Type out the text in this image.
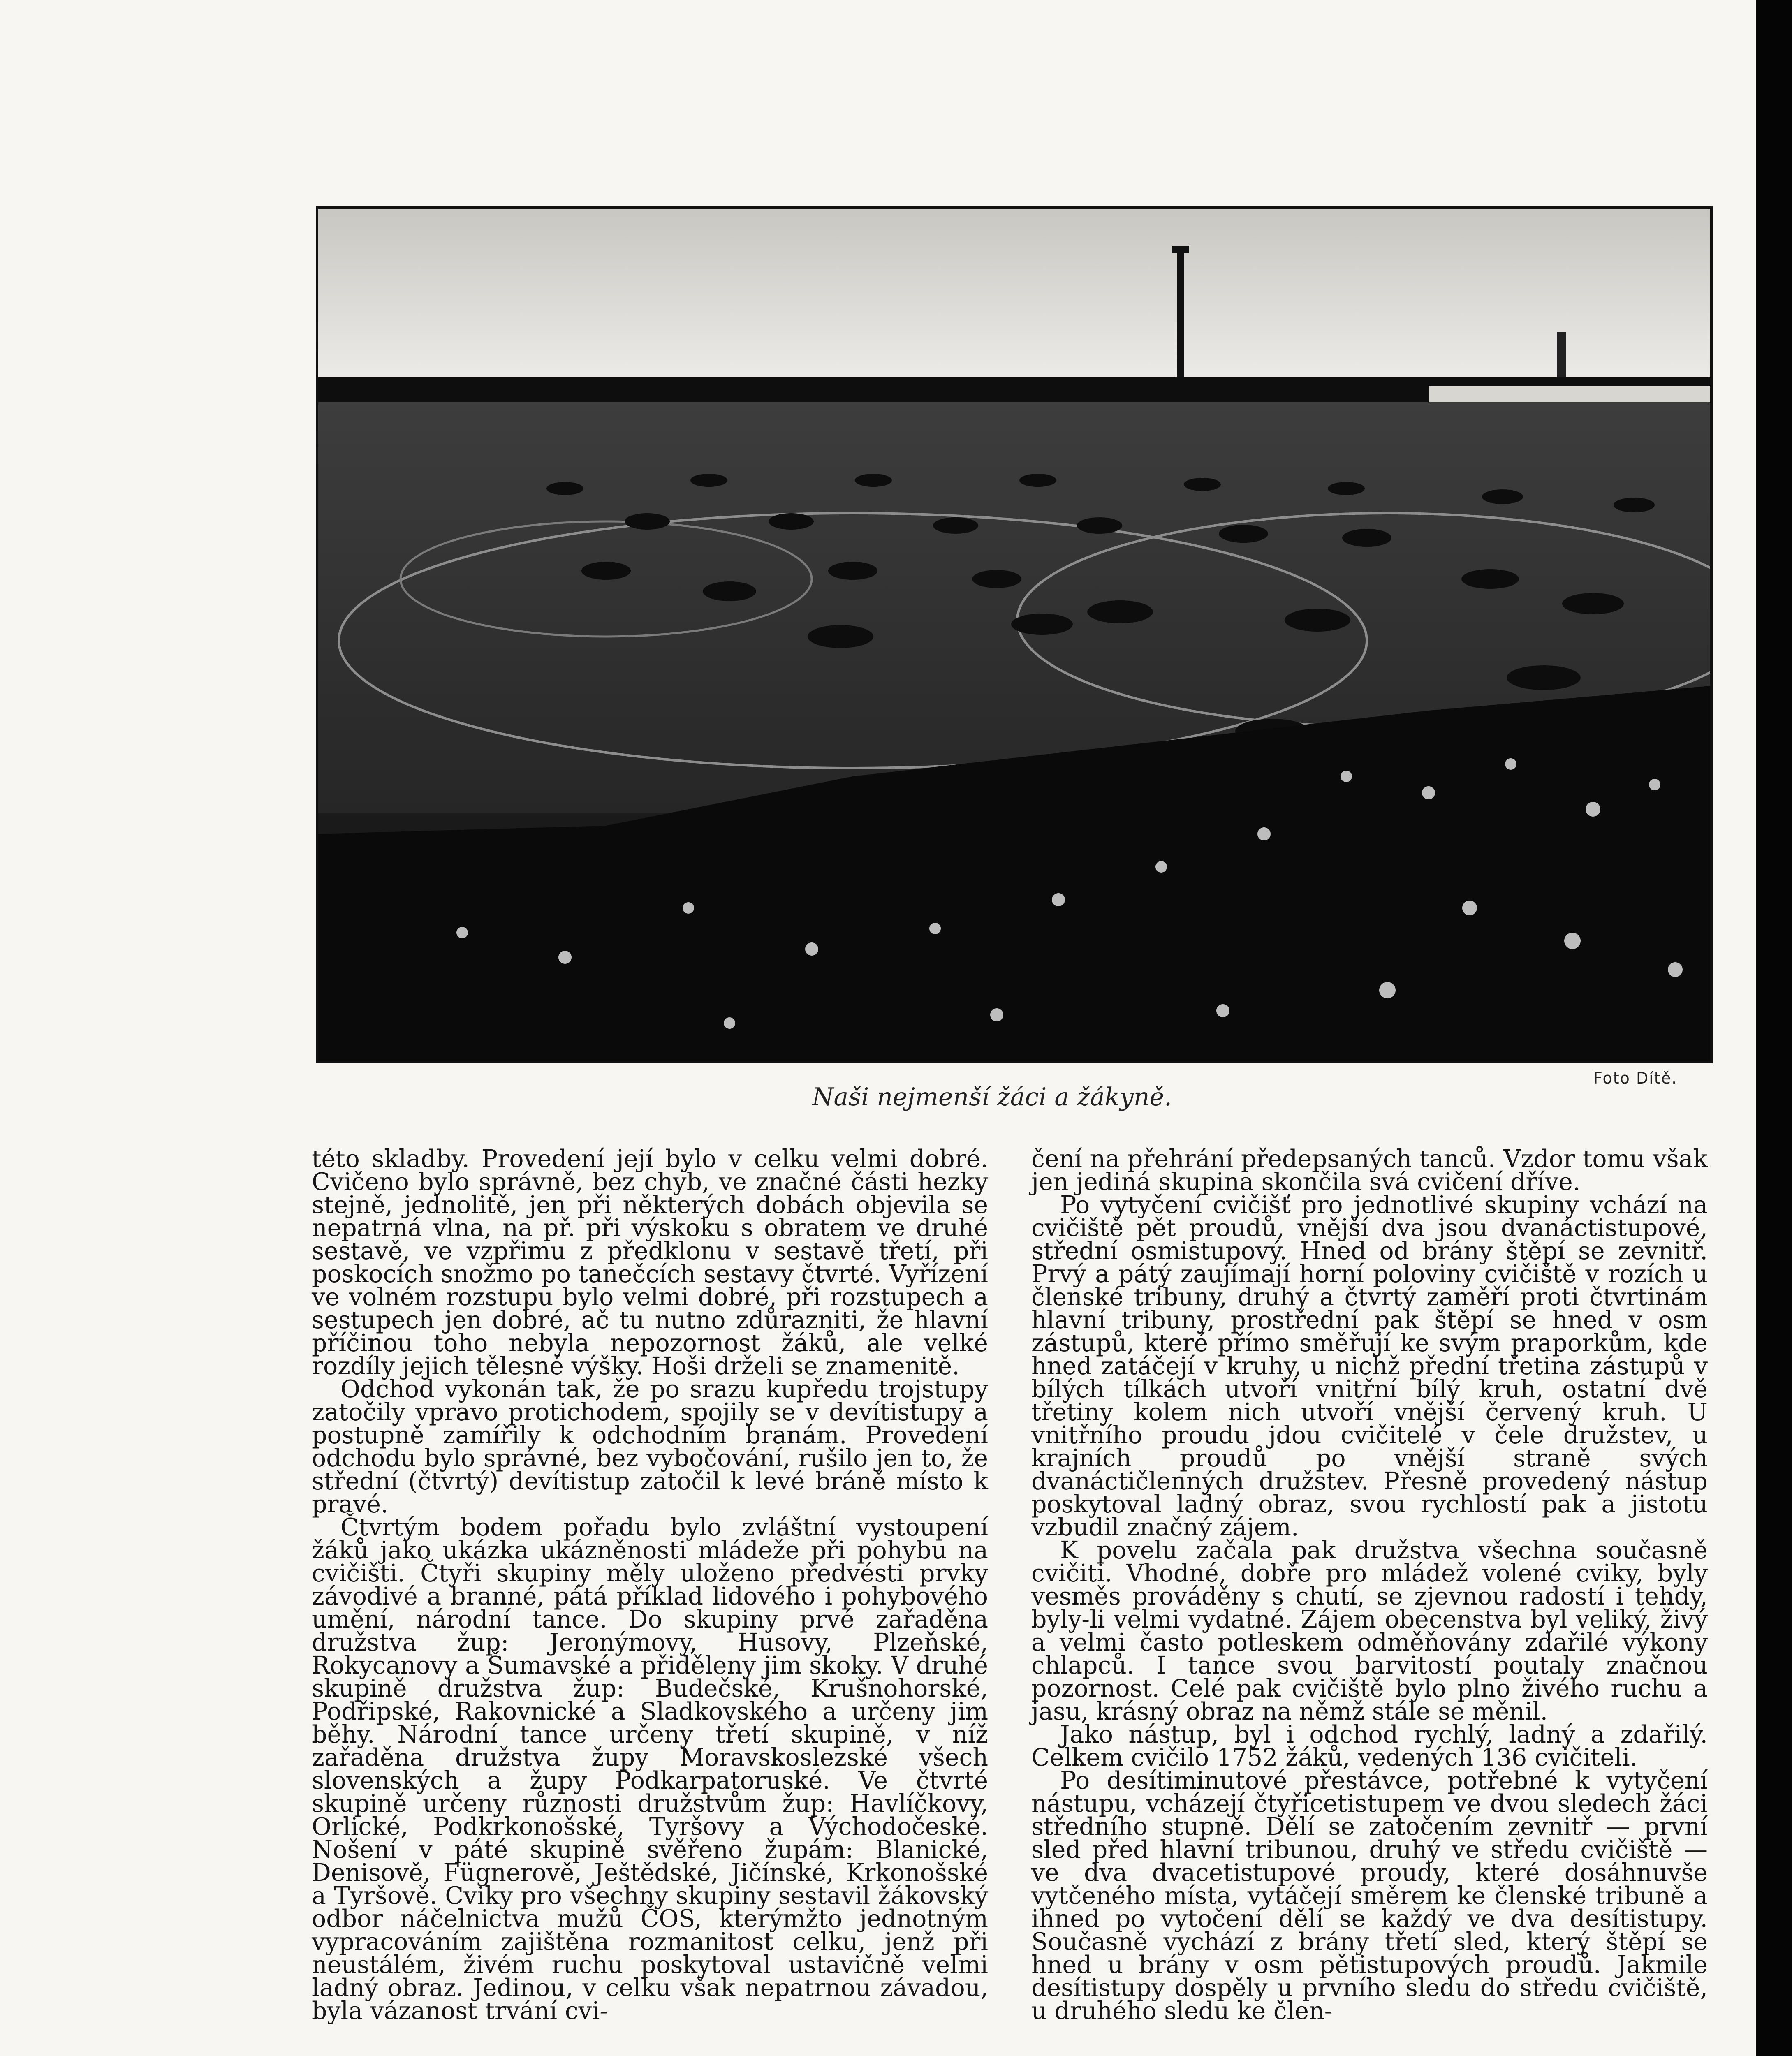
Foto Dítě.
Naši nejmenší žáci a žákyně.

této skladby. Provedení její bylo v celku velmi dobré. Cvičeno bylo správně, bez chyb, ve značné části hezky stejně, jednolitě, jen při některých dobách objevila se nepatrná vlna, na př. při výskoku s obratem ve druhé sestavě, ve vzpřimu z předklonu v sestavě třetí, při poskocích snožmo po tanečcích sestavy čtvrté. Vyřízení ve volném rozstupu bylo velmi dobré, při rozstupech a sestupech jen dobré, ač tu nutno zdůrazniti, že hlavní příčinou toho nebyla nepozornost žáků, ale velké rozdíly jejich tělesné výšky. Hoši drželi se znamenitě.

Odchod vykonán tak, že po srazu kupředu trojstupy zatočily vpravo protichodem, spojily se v devítistupy a postupně zamířily k odchodním branám. Provedení odchodu bylo správné, bez vybočování, rušilo jen to, že střední (čtvrtý) devítistup zatočil k levé bráně místo k pravé.

Čtvrtým bodem pořadu bylo zvláštní vystoupení žáků jako ukázka ukázněnosti mládeže při pohybu na cvičišti. Čtyři skupiny měly uloženo předvésti prvky závodivé a branné, pátá příklad lidového i pohybového umění, národní tance. Do skupiny prvé zařaděna družstva žup: Jeronýmovy, Husovy, Plzeňské, Rokycanovy a Šumavské a přiděleny jim skoky. V druhé skupině družstva žup: Budečské, Krušnohorské, Podřipské, Rakovnické a Sladkovského a určeny jim běhy. Národní tance určeny třetí skupině, v níž zařaděna družstva župy Moravskoslezské všech slovenských a župy Podkarpatoruské. Ve čtvrté skupině určeny různosti družstvům žup: Havlíčkovy, Orlické, Podkrkonošské, Tyršovy a Východočeské. Nošení v páté skupině svěřeno župám: Blanické, Denisově, Fügnerově, Ještědské, Jičínské, Krkonošské a Tyršově. Cviky pro všechny skupiny sestavil žákovský odbor náčelnictva mužů ČOS, kterýmžto jednotným vypracováním zajištěna rozmanitost celku, jenž při neustálém, živém ruchu poskytoval ustavičně velmi ladný obraz. Jedinou, v celku však nepatrnou závadou, byla vázanost trvání cvi-

čení na přehrání předepsaných tanců. Vzdor tomu však jen jediná skupina skončila svá cvičení dříve.

Po vytyčení cvičišť pro jednotlivé skupiny vchází na cvičiště pět proudů, vnější dva jsou dvanáctistupové, střední osmistupový. Hned od brány štěpí se zevnitř. Prvý a pátý zaujímají horní poloviny cvičiště v rozích u členské tribuny, druhý a čtvrtý zaměří proti čtvrtinám hlavní tribuny, prostřední pak štěpí se hned v osm zástupů, které přímo směřují ke svým praporkům, kde hned zatáčejí v kruhy, u nichž přední třetina zástupů v bílých tílkách utvoří vnitřní bílý kruh, ostatní dvě třetiny kolem nich utvoří vnější červený kruh. U vnitřního proudu jdou cvičitelé v čele družstev, u krajních proudů po vnější straně svých dvanáctičlenných družstev. Přesně provedený nástup poskytoval ladný obraz, svou rychlostí pak a jistotu vzbudil značný zájem.

K povelu začala pak družstva všechna současně cvičiti. Vhodné, dobře pro mládež volené cviky, byly vesměs prováděny s chutí, se zjevnou radostí i tehdy, byly-li velmi vydatné. Zájem obecenstva byl veliký, živý a velmi často potleskem odměňovány zdařilé výkony chlapců. I tance svou barvitostí poutaly značnou pozornost. Celé pak cvičiště bylo plno živého ruchu a jasu, krásný obraz na němž stále se měnil.

Jako nástup, byl i odchod rychlý, ladný a zdařilý. Celkem cvičilo 1752 žáků, vedených 136 cvičiteli.

Po desítiminutové přestávce, potřebné k vytyčení nástupu, vcházejí čtyřicetistupem ve dvou sledech žáci středního stupně. Dělí se zatočením zevnitř — první sled před hlavní tribunou, druhý ve středu cvičiště — ve dva dvacetistupové proudy, které dosáhnuvše vytčeného místa, vytáčejí směrem ke členské tribuně a ihned po vytočení dělí se každý ve dva desítistupy. Současně vychází z brány třetí sled, který štěpí se hned u brány v osm pětistupových proudů. Jakmile desítistupy dospěly u prvního sledu do středu cvičiště, u druhého sledu ke člen-
